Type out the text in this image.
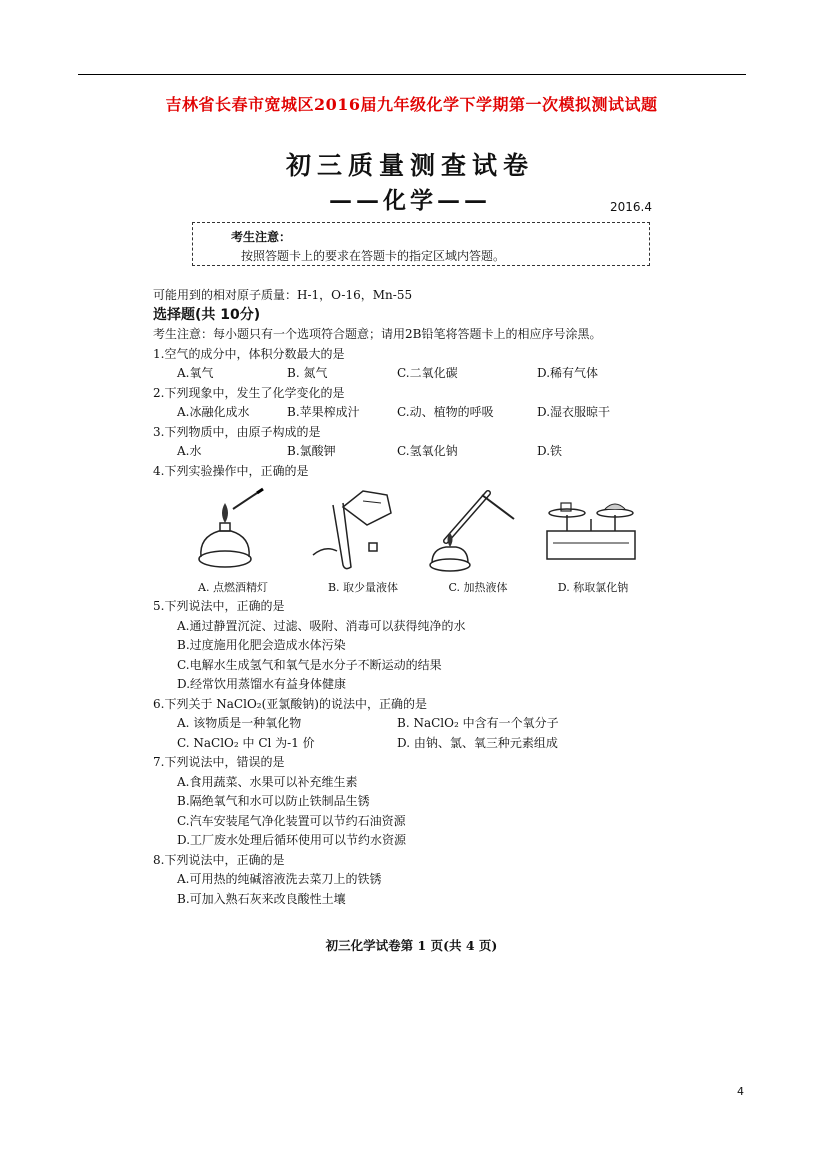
吉林省长春市宽城区2016届九年级化学下学期第一次模拟测试试题
初三质量测查试卷
——化学——	2016.4
考生注意：
按照答题卡上的要求在答题卡的指定区域内答题。
可能用到的相对原子质量：H-1，O-16，Mn-55
选择题(共 10分)
考生注意：每小题只有一个选项符合题意；请用2B铅笔将答题卡上的相应序号涂黑。
1.空气的成分中，体积分数最大的是
A.氧气	B. 氮气	C.二氧化碳	D.稀有气体
2.下列现象中，发生了化学变化的是
A.冰融化成水	B.苹果榨成汁	C.动、植物的呼吸	D.湿衣服晾干
3.下列物质中，由原子构成的是
A.水	B.氯酸钾	C.氢氧化钠	D.铁
4.下列实验操作中，正确的是
A. 点燃酒精灯	B. 取少量液体	C. 加热液体	D. 称取氯化钠
5.下列说法中，正确的是
A.通过静置沉淀、过滤、吸附、消毒可以获得纯净的水
B.过度施用化肥会造成水体污染
C.电解水生成氢气和氧气是水分子不断运动的结果
D.经常饮用蒸馏水有益身体健康
6.下列关于 NaClO₂(亚氯酸钠)的说法中，正确的是
A. 该物质是一种氧化物	B. NaClO₂ 中含有一个氧分子
C. NaClO₂ 中 Cl 为-1 价	D. 由钠、氯、氧三种元素组成
7.下列说法中，错误的是
A.食用蔬菜、水果可以补充维生素
B.隔绝氧气和水可以防止铁制品生锈
C.汽车安装尾气净化装置可以节约石油资源
D.工厂废水处理后循环使用可以节约水资源
8.下列说法中，正确的是
A.可用热的纯碱溶液洗去菜刀上的铁锈
B.可加入熟石灰来改良酸性土壤
初三化学试卷第 1 页(共 4 页)
4
